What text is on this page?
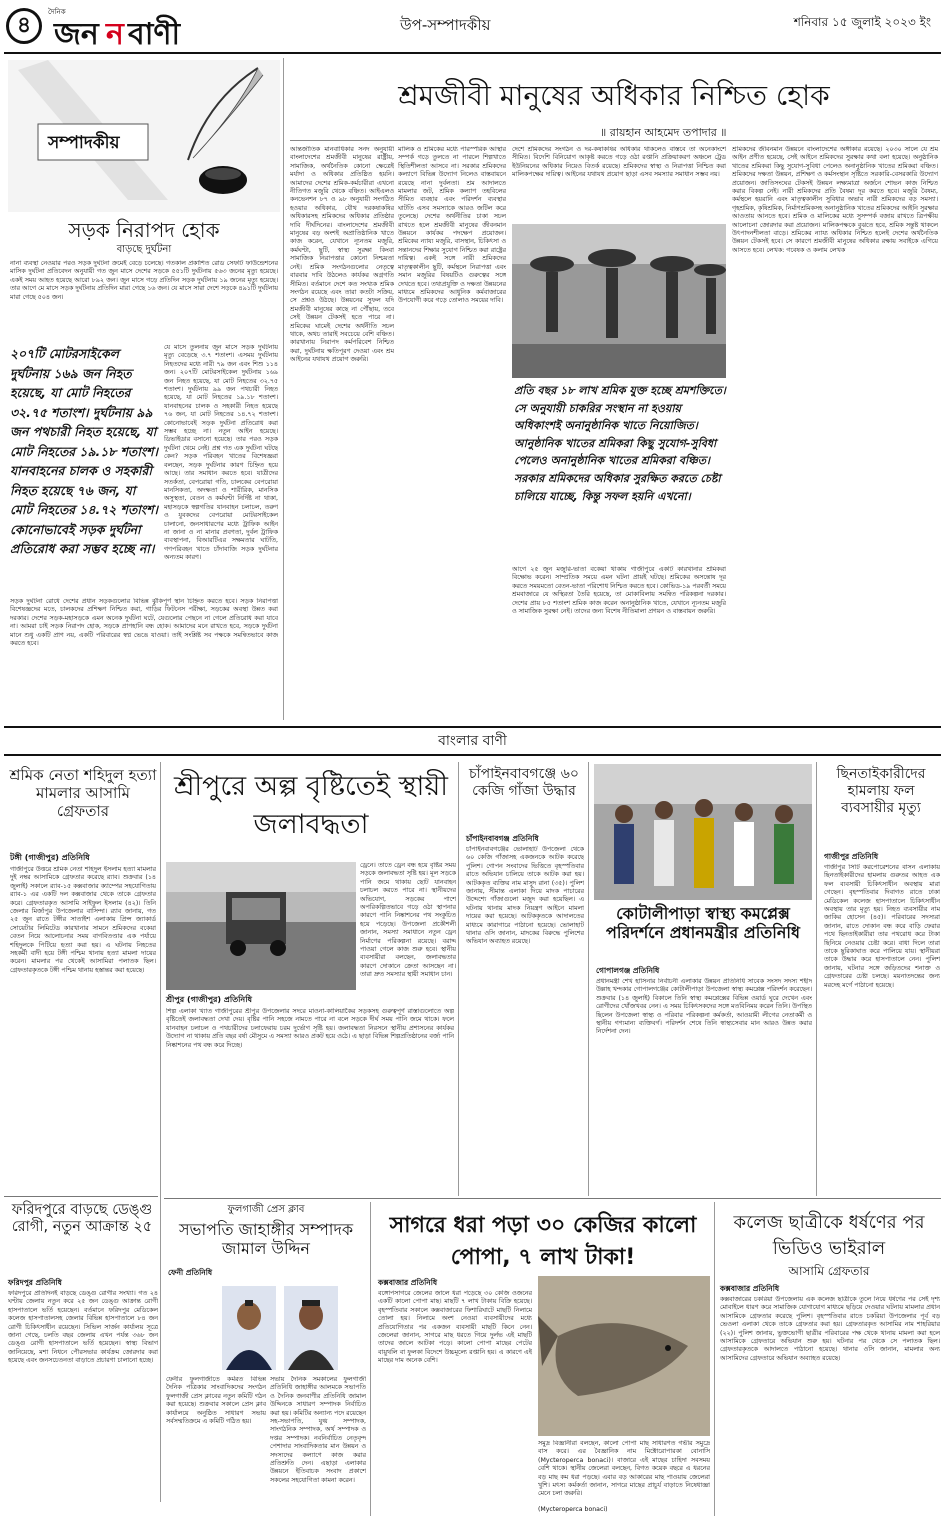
৪
দৈনিক
জন বাণী
ন	উপ-সম্পাদকীয়	শনিবার ১৫ জুলাই ২০২৩ ইং
সম্পাদকীয়
সড়ক নিরাপদ হোক
বাড়ছে দুর্ঘটনা
নানা ব্যবস্থা নেওয়ার পরও সড়ক দুর্ঘটনা ক্রমেই বেড়ে চলেছে। গতকাল প্রকাশিত রোড সেফটি ফাউন্ডেশনের মাসিক দুর্ঘটনা প্রতিবেদন অনুযায়ী গত জুন মাসে দেশের সড়কে ৫৫১টি দুর্ঘটনায় ৫৬৩ জনের মৃত্যু হয়েছে। একই সময় আহত হয়েছে আরো ৮৯২ জন। জুন মাসে গড়ে প্রতিদিন সড়ক দুর্ঘটনায় ১৯ জনের মৃত্যু হয়েছে। তার আগে মে মাসে সড়ক দুর্ঘটনায় প্রতিদিন মারা গেছে ১৬ জন। যে মাসে সারা দেশে সড়কে ৪৯১টি দুর্ঘটনায় মারা গেছে ৫০৪ জন।
২০৭টি মোটরসাইকেল দুর্ঘটনায় ১৬৯ জন নিহত হয়েছে, যা মোট নিহতের ৩২.৭৫ শতাংশ। দুর্ঘটনায় ৯৯ জন পথচারী নিহত হয়েছে, যা মোট নিহতের ১৯.১৮ শতাংশ। যানবাহনের চালক ও সহকারী নিহত হয়েছে ৭৬ জন, যা মোট নিহতের ১৪.৭২ শতাংশ। কোনোভাবেই সড়ক দুর্ঘটনা প্রতিরোধ করা সম্ভব হচ্ছে না।
যে মাসে তুলনায় জুন মাসে সড়ক দুর্ঘটনায় মৃত্যু বেড়েছে ৩.৭ শতাংশ। এসময় দুর্ঘটনায় নিহতদের মধ্যে নারী ৭৯ জন এবং শিশু ১১৪ জন। ২০৭টি মোটরসাইকেল দুর্ঘটনায় ১৬৯ জন নিহত হয়েছে, যা মোট নিহতের ৩২.৭৫ শতাংশ। দুর্ঘটনায় ৯৯ জন পথচারী নিহত হয়েছে, যা মোট নিহতের ১৯.১৮ শতাংশ। যানবাহনের চালক ও সহকারী নিহত হয়েছে ৭৬ জন, যা মোট নিহতের ১৪.৭২ শতাংশ। কোনোভাবেই সড়ক দুর্ঘটনা প্রতিরোধ করা সম্ভব হচ্ছে না। নতুন আইন হয়েছে। ডিভাইডার বসানো হয়েছে। তার পরও সড়ক দুর্ঘটনা থেমে নেই। প্রশ্ন গত এক দুর্ঘটনা ঘটছে কেন? সড়ক পরিবহন খাতের বিশেষজ্ঞরা বলছেন, সড়ক দুর্ঘটনার কারণ চিহ্নিত হয়ে আছে। তার সমাধান করতে হবে। যাত্রীদের সতর্কতা, বেপরোয়া গতি, চালকের বেপরোয়া মানসিকতা, অদক্ষতা ও শারীরিক, মানসিক অসুস্থতা, বেতন ও কর্মঘণ্টা নির্দিষ্ট না থাকা, মহাসড়কে স্বল্পগতির যানবাহন চলাচল, তরুণ ও যুবকদের বেপরোয়া মোটরসাইকেল চালানো, জনসাধারণের মধ্যে ট্রাফিক আইন না জানা ও না মানার প্রবণতা, দুর্বল ট্রাফিক ব্যবস্থাপনা, বিআরটিএর সক্ষমতার ঘাটতি, গণপরিবহন খাতে চাঁদাবাজি সড়ক দুর্ঘটনার অন্যতম কারণ।
সড়ক দুর্ঘটনা রোধে দেশের প্রধান সড়কগুলোর বিভিন্ন ঝুঁকিপূর্ণ স্থান চিহ্নিত করতে হবে। সড়ক নিরাপত্তা বিশেষজ্ঞদের মতে, চালকদের প্রশিক্ষণ নিশ্চিত করা, গাড়ির ফিটনেস পরীক্ষা, সড়কের অবস্থা উন্নত করা দরকার। দেশের সড়ক-মহাসড়কে এমন অনেক দুর্ঘটনা ঘটে, যেগুলোর পেছনে না গেলে প্রতিরোধ করা যাবে না। আমরা চাই সড়ক নিরাপদ হোক, সড়কে প্রাণহানি বন্ধ হোক। আমাদের মনে রাখতে হবে, সড়কে দুর্ঘটনা মানে শুধু একটি প্রাণ নয়, একটি পরিবারের স্বপ্ন ভেঙে যাওয়া। তাই সংশ্লিষ্ট সব পক্ষকে সমন্বিতভাবে কাজ করতে হবে।
শ্রমজীবী মানুষের অধিকার নিশ্চিত হোক
॥ রায়হান আহমেদ তপাদার ॥
আন্তর্জাতিক মানবাধিকার সনদ অনুযায়ী বাংলাদেশের শ্রমজীবী মানুষের রাষ্ট্রীয়, সামাজিক, অর্থনৈতিক কোনো ক্ষেত্রেই মর্যাদা ও অধিকার প্রতিষ্ঠিত হয়নি। আমাদের দেশের শ্রমিক-কর্মচারীরা এখনো নীতিগত মজুরি থেকে বঞ্চিত। আইএলও কনভেনশন ৮৭ ও ৯৮ অনুযায়ী সংগঠিত হওয়ার অধিকার, যৌথ দরকষাকষির অধিকারসহ শ্রমিকদের অধিকার প্রতিষ্ঠার দাবি দীর্ঘদিনের। বাংলাদেশের শ্রমজীবী মানুষের বড় অংশই অপ্রাতিষ্ঠানিক খাতে কাজ করেন, যেখানে ন্যূনতম মজুরি, কর্মঘণ্টা, ছুটি, স্বাস্থ্য সুরক্ষা কিংবা সামাজিক নিরাপত্তার কোনো নিশ্চয়তা নেই। শ্রমিক সংগঠনগুলোর নেতৃত্বে বারবার দাবি উঠলেও কার্যকর অগ্রগতি সীমিত। বর্তমানে দেশে কত সংখ্যক শ্রমিক সংগঠন রয়েছে এবং তারা কতটা সক্রিয়, সে প্রশ্নও উঠছে। উন্নয়নের সুফল যদি শ্রমজীবী মানুষের কাছে না পৌঁছায়, তবে সেই উন্নয়ন টেকসই হতে পারে না। শ্রমিকের ঘামেই দেশের অর্থনীতি সচল থাকে, অথচ তারাই সবচেয়ে বেশি বঞ্চিত। কারখানায় নিরাপদ কর্মপরিবেশ নিশ্চিত করা, দুর্ঘটনায় ক্ষতিপূরণ দেওয়া এবং শ্রম আইনের যথাযথ প্রয়োগ জরুরি।
মালিক ও শ্রমিকের মধ্যে পারস্পরিক আস্থার সম্পর্ক গড়ে তুলতে না পারলে শিল্পখাতে স্থিতিশীলতা আসবে না। সরকার শ্রমিকদের কল্যাণে বিভিন্ন উদ্যোগ নিলেও বাস্তবায়নে রয়েছে নানা দুর্বলতা। শ্রম আদালতে মামলার জট, শ্রমিক কল্যাণ তহবিলের সীমিত ব্যবহার এবং পরিদর্শন ব্যবস্থার ঘাটতি এসব সমস্যাকে আরও জটিল করে তুলেছে। দেশের অর্থনীতির চাকা সচল রাখতে হলে শ্রমজীবী মানুষের জীবনমান উন্নয়নে কার্যকর পদক্ষেপ প্রয়োজন। শ্রমিকের ন্যায্য মজুরি, বাসস্থান, চিকিৎসা ও সন্তানদের শিক্ষার সুযোগ নিশ্চিত করা রাষ্ট্রের দায়িত্ব। একই সঙ্গে নারী শ্রমিকদের মাতৃত্বকালীন ছুটি, কর্মস্থলে নিরাপত্তা এবং সমান মজুরির বিষয়টিও গুরুত্বের সঙ্গে দেখতে হবে। তথ্যপ্রযুক্তি ও দক্ষতা উন্নয়নের মাধ্যমে শ্রমিকদের আধুনিক কর্মবাজারের উপযোগী করে গড়ে তোলাও সময়ের দাবি।
দেশে শ্রমিকদের সংগঠন ও দর-কষাকষির অধিকার থাকলেও বাস্তবে তা অনেকাংশে সীমিত। বিদেশি বিনিয়োগ আকৃষ্ট করতে গড়ে ওঠা রপ্তানি প্রক্রিয়াকরণ অঞ্চলে ট্রেড ইউনিয়নের অধিকার নিয়েও বিতর্ক রয়েছে। শ্রমিকদের স্বাস্থ্য ও নিরাপত্তা নিশ্চিত করা মালিকপক্ষের দায়িত্ব। আইনের যথাযথ প্রয়োগ ছাড়া এসব সমস্যার সমাধান সম্ভব নয়।
প্রতি বছর ১৮ লাখ শ্রমিক যুক্ত হচ্ছে শ্রমশক্তিতে। সে অনুযায়ী চাকরির সংস্থান না হওয়ায় অধিকাংশই অনানুষ্ঠানিক খাতে নিয়োজিত। আনুষ্ঠানিক খাতের শ্রমিকরা কিছু সুযোগ-সুবিধা পেলেও অনানুষ্ঠানিক খাতের শ্রমিকরা বঞ্চিত। সরকার শ্রমিকদের অধিকার সুরক্ষিত করতে চেষ্টা চালিয়ে যাচ্ছে, কিন্তু সফল হয়নি এখনো।
আগে ২৫ জুন মজুরি-ভাতা বকেয়া থাকায় গাজীপুরে একটি কারখানার শ্রমিকরা বিক্ষোভ করেন। সাম্প্রতিক সময়ে এমন ঘটনা প্রায়ই ঘটছে। শ্রমিকের অসন্তোষ দূর করতে সময়মতো বেতন-ভাতা পরিশোধ নিশ্চিত করতে হবে। কোভিড-১৯ পরবর্তী সময়ে শ্রমবাজারে যে অস্থিরতা তৈরি হয়েছে, তা মোকাবিলায় সমন্বিত পরিকল্পনা দরকার। দেশের প্রায় ৮৫ শতাংশ শ্রমিক কাজ করেন অনানুষ্ঠানিক খাতে, যেখানে ন্যূনতম মজুরি ও সামাজিক সুরক্ষা নেই। তাদের জন্য বিশেষ নীতিমালা প্রণয়ন ও বাস্তবায়ন জরুরি।
শ্রমিকদের জীবনমান উন্নয়নে বাংলাদেশের অঙ্গীকার রয়েছে। ২০৩০ সালে যে শ্রম আইন প্রণীত হয়েছে, সেই আইনে শ্রমিকদের সুরক্ষার কথা বলা হয়েছে। অনুষ্ঠানিক খাতের শ্রমিকরা কিছু সুযোগ-সুবিধা পেলেও অনানুষ্ঠানিক খাতের শ্রমিকরা বঞ্চিত। শ্রমিকদের দক্ষতা উন্নয়ন, প্রশিক্ষণ ও কর্মসংস্থান সৃষ্টিতে সরকারি-বেসরকারি উদ্যোগ প্রয়োজন। জাতিসংঘের টেকসই উন্নয়ন লক্ষ্যমাত্রা অর্জনে শোভন কাজ নিশ্চিত করার বিকল্প নেই। নারী শ্রমিকদের প্রতি বৈষম্য দূর করতে হবে। মজুরি বৈষম্য, কর্মস্থলে হয়রানি এবং মাতৃত্বকালীন সুবিধার অভাব নারী শ্রমিকদের বড় সমস্যা। গৃহশ্রমিক, কৃষিশ্রমিক, নির্মাণশ্রমিকসহ অনানুষ্ঠানিক খাতের শ্রমিকদের আইনি সুরক্ষার আওতায় আনতে হবে। শ্রমিক ও মালিকের মধ্যে সুসম্পর্ক বজায় রাখতে ত্রিপক্ষীয় আলোচনা জোরদার করা প্রয়োজন। মালিকপক্ষকে বুঝতে হবে, শ্রমিক সন্তুষ্ট থাকলে উৎপাদনশীলতা বাড়ে। শ্রমিকের ন্যায্য অধিকার নিশ্চিত হলেই দেশের অর্থনৈতিক উন্নয়ন টেকসই হবে। সে কারণে শ্রমজীবী মানুষের অধিকার রক্ষায় সবাইকে এগিয়ে আসতে হবে। লেখক: গবেষক ও কলাম লেখক
বাংলার বাণী
শ্রমিক নেতা শহিদুল হত্যা মামলার আসামি গ্রেফতার
টঙ্গী (গাজীপুর) প্রতিনিধি
গাজীপুরে উত্তরে শ্রমিক নেতা শহিদুল ইসলাম হত্যা মামলার দুই নম্বর আসামিকে গ্রেফতার করেছে র‍্যাব। শুক্রবার (১৪ জুলাই) সকালে র‍্যাব-১৫ কক্সবাজার ক্যাম্পের সহযোগিতায় র‍্যাব-১ এর একটি দল কক্সবাজার থেকে তাকে গ্রেফতার করে। গ্রেফতারকৃত আসামি সাইফুল ইসলাম (৪২)। তিনি জেলার মির্জাপুর উপজেলার বাসিন্দা। র‍্যাব জানায়, গত ২৫ জুন রাতে টঙ্গীর সাতাইশ এলাকায় প্রিন্স জ্যাকার্ড সোয়েটার লিমিটেড কারখানার সামনে শ্রমিকদের বকেয়া বেতন নিয়ে আলোচনার সময় বাগবিতণ্ডার এক পর্যায়ে শহিদুলকে পিটিয়ে হত্যা করা হয়। এ ঘটনায় নিহতের সহকর্মী বাদী হয়ে টঙ্গী পশ্চিম থানায় হত্যা মামলা দায়ের করেন। মামলার পর থেকেই আসামিরা পলাতক ছিল। গ্রেফতারকৃতকে টঙ্গী পশ্চিম থানায় হস্তান্তর করা হয়েছে।
শ্রীপুরে অল্প বৃষ্টিতেই স্থায়ী জলাবদ্ধতা
শ্রীপুর (গাজীপুর) প্রতিনিধি
শিল্প এলাকা খ্যাত গাজীপুরের শ্রীপুর উপজেলার সদরে মাওনা-কালিয়াকৈর সড়কসহ গুরুত্বপূর্ণ রাস্তাগুলোতে অল্প বৃষ্টিতেই জলাবদ্ধতা দেখা দেয়। বৃষ্টির পানি সহজে নামতে পারে না বলে সড়কে দীর্ঘ সময় পানি জমে থাকে। ফলে যানবাহন চলাচল ও পথচারীদের চলাফেরায় চরম দুর্ভোগ সৃষ্টি হয়। জলাবদ্ধতা নিরসনে স্থানীয় প্রশাসনের কার্যকর উদ্যোগ না থাকায় প্রতি বছর বর্ষা মৌসুমে এ সমস্যা আরও প্রকট হয়ে ওঠে। এ ছাড়া বিভিন্ন শিল্পপ্রতিষ্ঠানের বর্জ্য পানি নিষ্কাশনের পথ বন্ধ করে দিচ্ছে।
ড্রেনে। তাতে ড্রেন বন্ধ হয়ে বৃষ্টির সময় সড়কে জলাবদ্ধতা সৃষ্টি হয়। মূল সড়কে পানি জমে থাকায় ছোট যানবাহন চলাচল করতে পারে না। স্থানীয়দের অভিযোগ, সড়কের পাশে অপরিকল্পিতভাবে গড়ে ওঠা স্থাপনার কারণে পানি নিষ্কাশনের পথ সংকুচিত হয়ে পড়েছে। উপজেলা প্রকৌশলী জানান, সমস্যা সমাধানে নতুন ড্রেন নির্মাণের পরিকল্পনা রয়েছে। বরাদ্দ পাওয়া গেলে কাজ শুরু হবে। স্থানীয় ব্যবসায়ীরা বলছেন, জলাবদ্ধতার কারণে দোকানে ক্রেতা আসছেন না। তারা দ্রুত সমস্যার স্থায়ী সমাধান চান।
চাঁপাইনবাবগঞ্জে ৬০ কেজি গাঁজা উদ্ধার
চাঁপাইনবাবগঞ্জ প্রতিনিধি
চাঁপাইনবাবগঞ্জের ভোলাহাট উপজেলা থেকে ৬০ কেজি গাঁজাসহ একজনকে আটক করেছে পুলিশ। গোপন সংবাদের ভিত্তিতে বৃহস্পতিবার রাতে অভিযান চালিয়ে তাকে আটক করা হয়। আটককৃত ব্যক্তির নাম মাসুদ রানা (৩৫)। পুলিশ জানায়, সীমান্ত এলাকা দিয়ে মাদক পাচারের উদ্দেশ্যে গাঁজাগুলো মজুদ করা হয়েছিল। এ ঘটনায় থানায় মাদক নিয়ন্ত্রণ আইনে মামলা দায়ের করা হয়েছে। আটককৃতকে আদালতের মাধ্যমে কারাগারে পাঠানো হয়েছে। ভোলাহাট থানার ওসি জানান, মাদকের বিরুদ্ধে পুলিশের অভিযান অব্যাহত রয়েছে।
কোটালীপাড়া স্বাস্থ্য কমপ্লেক্স পরিদর্শনে প্রধানমন্ত্রীর প্রতিনিধি
গোপালগঞ্জ প্রতিনিধি
প্রধানমন্ত্রী শেখ হাসিনার নির্বাচনী এলাকার উন্নয়ন প্রতিনিধি সাবেক সংসদ সদস্য শহীদ উল্লাহ খন্দকার গোপালগঞ্জের কোটালীপাড়া উপজেলা স্বাস্থ্য কমপ্লেক্স পরিদর্শন করেছেন। শুক্রবার (১৪ জুলাই) বিকালে তিনি স্বাস্থ্য কমপ্লেক্সের বিভিন্ন ওয়ার্ড ঘুরে দেখেন এবং রোগীদের খোঁজখবর নেন। এ সময় চিকিৎসকদের সঙ্গে মতবিনিময় করেন তিনি। উপস্থিত ছিলেন উপজেলা স্বাস্থ্য ও পরিবার পরিকল্পনা কর্মকর্তা, আওয়ামী লীগের নেতাকর্মী ও স্থানীয় গণ্যমান্য ব্যক্তিবর্গ। পরিদর্শন শেষে তিনি স্বাস্থ্যসেবার মান আরও উন্নত করার নির্দেশনা দেন।
ছিনতাইকারীদের হামলায় ফল ব্যবসায়ীর মৃত্যু
গাজীপুর প্রতিনিধি
গাজীপুর সিটি করপোরেশনের বাসন এলাকায় ছিনতাইকারীদের হামলায় গুরুতর আহত এক ফল ব্যবসায়ী চিকিৎসাধীন অবস্থায় মারা গেছেন। বৃহস্পতিবার দিবাগত রাতে ঢাকা মেডিকেল কলেজ হাসপাতালে চিকিৎসাধীন অবস্থায় তার মৃত্যু হয়। নিহত ব্যবসায়ীর নাম জাকির হোসেন (৪৫)। পরিবারের সদস্যরা জানান, রাতে দোকান বন্ধ করে বাড়ি ফেরার পথে ছিনতাইকারীরা তার পথরোধ করে টাকা ছিনিয়ে নেওয়ার চেষ্টা করে। বাধা দিলে তারা তাকে ছুরিকাঘাত করে পালিয়ে যায়। স্থানীয়রা তাকে উদ্ধার করে হাসপাতালে নেন। পুলিশ জানায়, ঘটনার সঙ্গে জড়িতদের শনাক্ত ও গ্রেফতারের চেষ্টা চলছে। ময়নাতদন্তের জন্য মরদেহ মর্গে পাঠানো হয়েছে।
ফরিদপুরে বাড়ছে ডেঙ্গু রোগী, নতুন আক্রান্ত ২৫
ফরিদপুর প্রতিনিধি
ফরিদপুরে প্রতিদিনই বাড়ছে ডেঙ্গু রোগীর সংখ্যা। গত ২৪ ঘণ্টায় জেলায় নতুন করে ২৫ জন ডেঙ্গু আক্রান্ত রোগী হাসপাতালে ভর্তি হয়েছেন। বর্তমানে ফরিদপুর মেডিকেল কলেজ হাসপাতালসহ জেলার বিভিন্ন হাসপাতালে ৮৪ জন রোগী চিকিৎসাধীন রয়েছেন। সিভিল সার্জন কার্যালয় সূত্রে জানা গেছে, চলতি বছর জেলায় এখন পর্যন্ত ৩৬৮ জন ডেঙ্গু রোগী হাসপাতালে ভর্তি হয়েছেন। স্বাস্থ্য বিভাগ জানিয়েছে, মশা নিধনে পৌরসভার কার্যক্রম জোরদার করা হয়েছে এবং জনসচেতনতা বাড়াতে প্রচারণা চালানো হচ্ছে।
ফুলগাজী প্রেস ক্লাব
সভাপতি জাহাঙ্গীর সম্পাদক জামাল উদ্দিন
ফেনী প্রতিনিধি
ফেনীর ফুলগাজীতে কর্মরত বিভিন্ন দৈনিক পত্রিকার সাংবাদিকদের সংগঠন ফুলগাজী প্রেস ক্লাবের নতুন কমিটি গঠন করা হয়েছে। শুক্রবার সকালে প্রেস ক্লাব কার্যালয়ে অনুষ্ঠিত সাধারণ সভায় সর্বসম্মতিক্রমে এ কমিটি গঠিত হয়।
সভায় দৈনিক সমকালের ফুলগাজী প্রতিনিধি জাহাঙ্গীর আলমকে সভাপতি ও দৈনিক জনবাণীর প্রতিনিধি জামাল উদ্দিনকে সাধারণ সম্পাদক নির্বাচিত করা হয়। কমিটির অন্যান্য পদে রয়েছেন সহ-সভাপতি, যুগ্ম সম্পাদক, সাংগঠনিক সম্পাদক, অর্থ সম্পাদক ও দপ্তর সম্পাদক। নবনির্বাচিত নেতৃবৃন্দ পেশাদার সাংবাদিকতার মান উন্নয়ন ও সদস্যদের কল্যাণে কাজ করার প্রতিশ্রুতি দেন। এছাড়া এলাকার উন্নয়নে ইতিবাচক সংবাদ প্রকাশে সকলের সহযোগিতা কামনা করেন।
সাগরে ধরা পড়া ৩০ কেজির কালো পোপা, ৭ লাখ টাকা!
কক্সবাজার প্রতিনিধি
বঙ্গোপসাগরে জেলের জালে ধরা পড়েছে ৩০ কেজি ওজনের একটি কালো পোপা মাছ। মাছটি ৭ লাখ টাকায় বিক্রি হয়েছে। বৃহস্পতিবার সকালে কক্সবাজারের ফিশারিঘাটে মাছটি নিলামে তোলা হয়। নিলামে অংশ নেওয়া ব্যবসায়ীদের মধ্যে প্রতিযোগিতার পর একজন ব্যবসায়ী মাছটি কিনে নেন। জেলেরা জানান, সাগরে মাছ ধরতে গিয়ে দুর্লভ এই মাছটি তাদের জালে আটকা পড়ে। কালো পোপা মাছের পেটের বায়ুথলি বা ফুলকা বিদেশে উচ্চমূল্যে রপ্তানি হয়। এ কারণে এই মাছের দাম অনেক বেশি।
সমুদ্র বিজ্ঞানীরা বলছেন, কালো পোপা মাছ সাধারণত গভীর সমুদ্রে বাস করে। এর বৈজ্ঞানিক নাম মিক্টোরোপারকা বোনাসি (Mycteroperca bonaci)। বাজারে এই মাছের চাহিদা সবসময় বেশি থাকে। স্থানীয় জেলেরা বলছেন, বিগত কয়েক বছরে এ ধরনের বড় মাছ কম ধরা পড়ছে। এবার বড় আকারের মাছ পাওয়ায় জেলেরা খুশি। মৎস্য কর্মকর্তা জানান, সাগরে মাছের প্রাচুর্য বাড়াতে নিষেধাজ্ঞা মেনে চলা জরুরি।
(Mycteroperca bonaci)
কলেজ ছাত্রীকে ধর্ষণের পর ভিডিও ভাইরাল
আসামি গ্রেফতার
কক্সবাজার প্রতিনিধি
কক্সবাজারের চকরিয়া উপজেলায় এক কলেজ ছাত্রীকে তুলে নিয়ে ধর্ষণের পর সেই দৃশ্য মোবাইলে ধারণ করে সামাজিক যোগাযোগ মাধ্যমে ছড়িয়ে দেওয়ার ঘটনায় মামলার প্রধান আসামিকে গ্রেফতার করেছে পুলিশ। বৃহস্পতিবার রাতে চকরিয়া উপজেলার পূর্ব বড় ভেওলা এলাকা থেকে তাকে গ্রেফতার করা হয়। গ্রেফতারকৃত আসামির নাম শাহরিয়ার (২২)। পুলিশ জানায়, ভুক্তভোগী ছাত্রীর পরিবারের পক্ষ থেকে থানায় মামলা করা হলে আসামিকে গ্রেফতারে অভিযান শুরু হয়। ঘটনার পর থেকে সে পলাতক ছিল। গ্রেফতারকৃতকে আদালতে পাঠানো হয়েছে। থানার ওসি জানান, মামলার অন্য আসামিদের গ্রেফতারে অভিযান অব্যাহত রয়েছে।
